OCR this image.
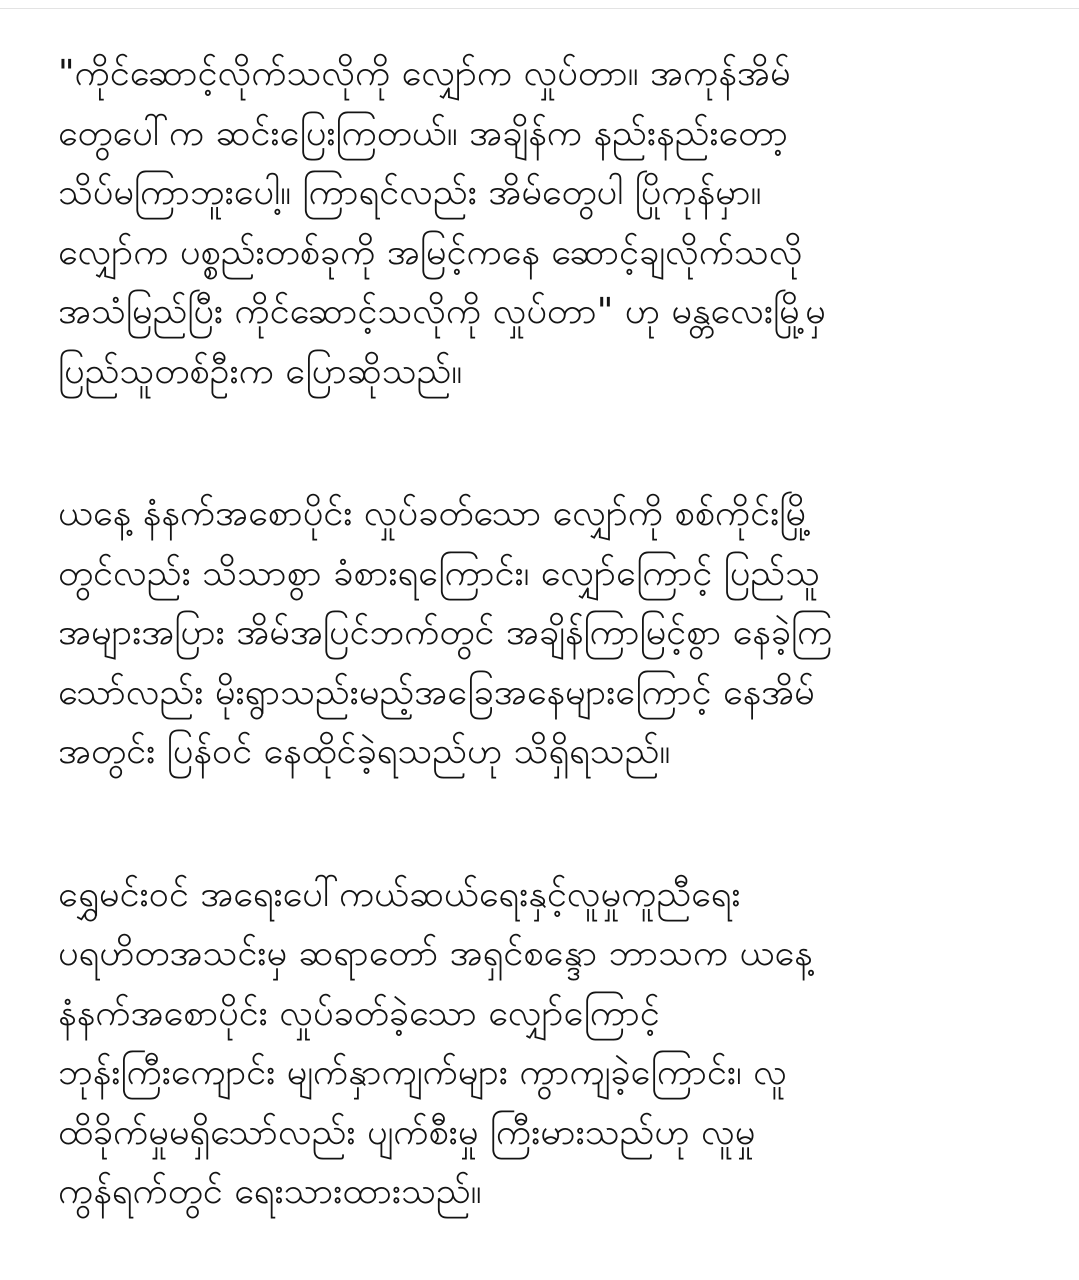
"ကိုင်ဆောင့်လိုက်သလိုကို လျှော်က လှုပ်တာ။ အကုန်အိမ်
တွေပေါ်က ဆင်းပြေးကြတယ်။ အချိန်က နည်းနည်းတော့
သိပ်မကြာဘူးပေါ့။ ကြာရင်လည်း အိမ်တွေပါ ပြိုကုန်မှာ။
လျှော်က ပစ္စည်းတစ်ခုကို အမြင့်ကနေ ဆောင့်ချလိုက်သလို
အသံမြည်ပြီး ကိုင်ဆောင့်သလိုကို လှုပ်တာ" ဟု မန္တလေးမြို့မှ
ပြည်သူတစ်ဦးက ပြောဆိုသည်။
ယနေ့ နံနက်အစောပိုင်း လှုပ်ခတ်သော လျှော်ကို စစ်ကိုင်းမြို့
တွင်လည်း သိသာစွာ ခံစားရကြောင်း၊ လျှော်ကြောင့် ပြည်သူ
အများအပြား အိမ်အပြင်ဘက်တွင် အချိန်ကြာမြင့်စွာ နေခဲ့ကြ
သော်လည်း မိုးရွာသည်းမည့်အခြေအနေများကြောင့် နေအိမ်
အတွင်း ပြန်ဝင် နေထိုင်ခဲ့ရသည်ဟု သိရှိရသည်။
ရွှေမင်းဝင် အရေးပေါ်ကယ်ဆယ်ရေးနှင့်လူမှုကူညီရေး
ပရဟိတအသင်းမှ ဆရာတော် အရှင်စန္ဒော ဘာသက ယနေ့
နံနက်အစောပိုင်း လှုပ်ခတ်ခဲ့သော လျှော်ကြောင့်
ဘုန်းကြီးကျောင်း မျက်နှာကျက်များ ကွာကျခဲ့ကြောင်း၊ လူ
ထိခိုက်မှုမရှိသော်လည်း ပျက်စီးမှု ကြီးမားသည်ဟု လူမှု
ကွန်ရက်တွင် ရေးသားထားသည်။
